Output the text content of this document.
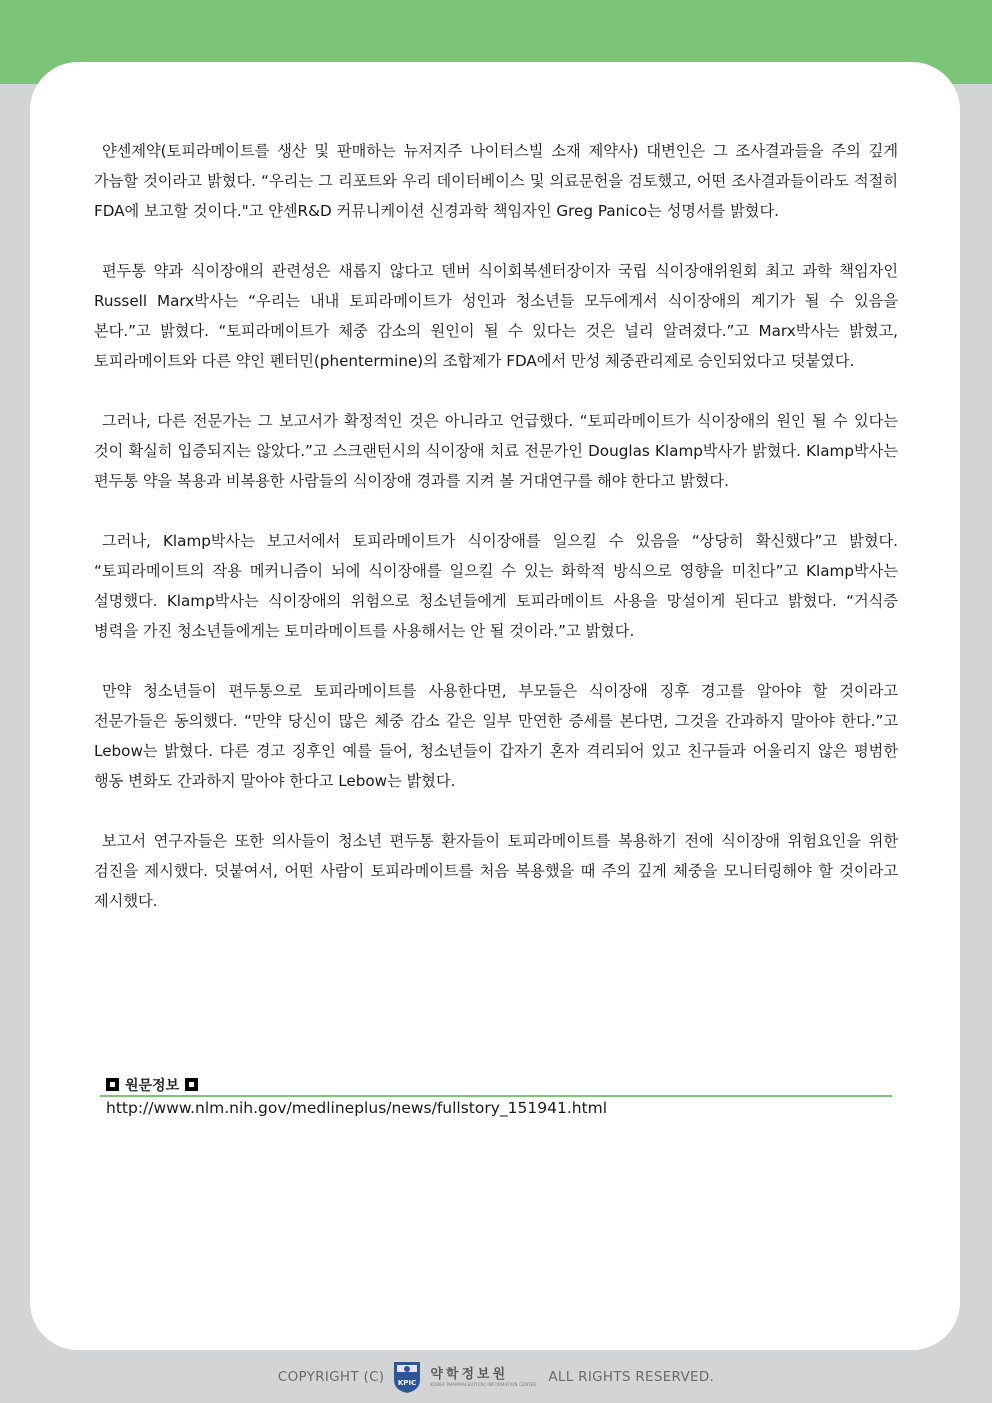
얀센제약(토피라메이트를 생산 및 판매하는 뉴저지주 나이터스빌 소재 제약사) 대변인은 그 조사결과들을 주의 깊게 가늠할 것이라고 밝혔다. “우리는 그 리포트와 우리 데이터베이스 및 의료문헌을 검토했고, 어떤 조사결과들이라도 적절히 FDA에 보고할 것이다."고 얀센R&D 커뮤니케이션 신경과학 책임자인 Greg Panico는 성명서를 밝혔다.

편두통 약과 식이장애의 관련성은 새롭지 않다고 덴버 식이회복센터장이자 국립 식이장애위원회 최고 과학 책임자인 Russell Marx박사는 “우리는 내내 토피라메이트가 성인과 청소년들 모두에게서 식이장애의 계기가 될 수 있음을 본다.”고 밝혔다. “토피라메이트가 체중 감소의 원인이 될 수 있다는 것은 널리 알려졌다.”고 Marx박사는 밝혔고, 토피라메이트와 다른 약인 펜터민(phentermine)의 조합제가 FDA에서 만성 체중관리제로 승인되었다고 덧붙였다.

그러나, 다른 전문가는 그 보고서가 확정적인 것은 아니라고 언급했다. “토피라메이트가 식이장애의 원인 될 수 있다는 것이 확실히 입증되지는 않았다.”고 스크랜턴시의 식이장애 치료 전문가인 Douglas Klamp박사가 밝혔다. Klamp박사는 편두통 약을 복용과 비복용한 사람들의 식이장애 경과를 지켜 볼 거대연구를 해야 한다고 밝혔다.

그러나, Klamp박사는 보고서에서 토피라메이트가 식이장애를 일으킬 수 있음을 “상당히 확신했다”고 밝혔다. “토피라메이트의 작용 메커니즘이 뇌에 식이장애를 일으킬 수 있는 화학적 방식으로 영향을 미친다”고 Klamp박사는 설명했다. Klamp박사는 식이장애의 위험으로 청소년들에게 토피라메이트 사용을 망설이게 된다고 밝혔다. “거식증 병력을 가진 청소년들에게는 토미라메이트를 사용해서는 안 될 것이라.”고 밝혔다.

만약 청소년들이 편두통으로 토피라메이트를 사용한다면, 부모들은 식이장애 징후 경고를 알아야 할 것이라고 전문가들은 동의했다. “만약 당신이 많은 체중 감소 같은 일부 만연한 증세를 본다면, 그것을 간과하지 말아야 한다.”고 Lebow는 밝혔다. 다른 경고 징후인 예를 들어, 청소년들이 갑자기 혼자 격리되어 있고 친구들과 어울리지 않은 평범한 행동 변화도 간과하지 말아야 한다고 Lebow는 밝혔다.

보고서 연구자들은 또한 의사들이 청소년 편두통 환자들이 토피라메이트를 복용하기 전에 식이장애 위험요인을 위한 검진을 제시했다. 덧붙여서, 어떤 사람이 토피라메이트를 처음 복용했을 때 주의 깊게 체중을 모니터링해야 할 것이라고 제시했다.

원문정보
http://www.nlm.nih.gov/medlineplus/news/fullstory_151941.html
COPYRIGHT (C) KPIC
약학정보원
KOREA PHARMACEUTICAL INFORMATION CENTER ALL RIGHTS RESERVED.
